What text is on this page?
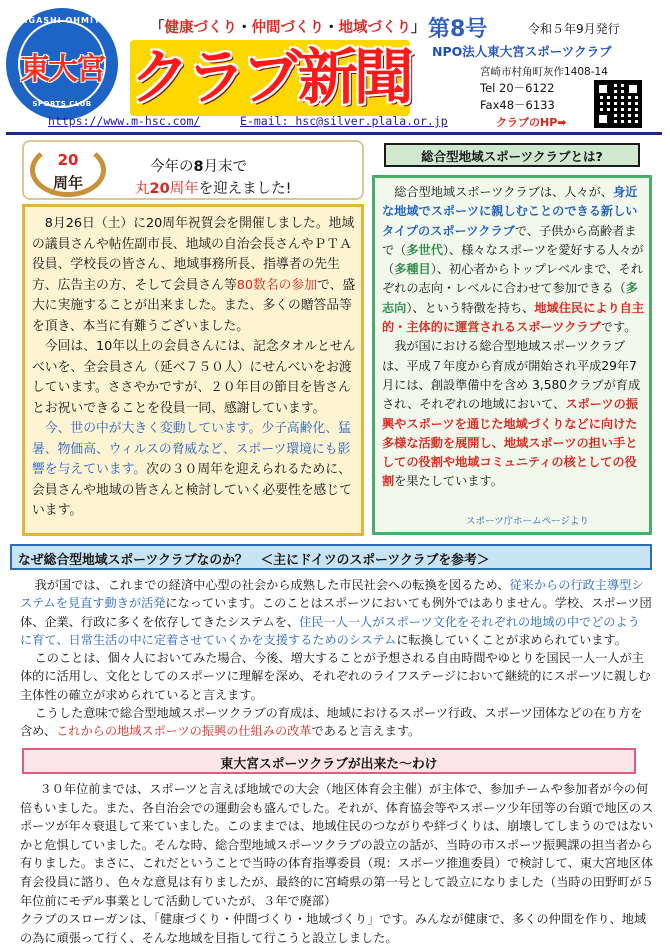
HIGASHI OHMIYA
東大宮
SPORTS CLUB
「健康づくり・仲間づくり・地域づくり」
クラブ新聞
第8号	令和５年9月発行
NPO法人東大宮スポーツクラブ
宮崎市村角町灰作1408-14
Tel 20－6122
Fax48－6133
クラブのHP➡
https://www.m-hsc.com/	E-mail: hsc@silver.plala.or.jp
20
周年
今年の8月末で
丸20周年を迎えました!

8月26日（土）に20周年祝賀会を開催しました。地域の議員さんや帖佐副市長、地域の自治会長さんやＰＴＡ役員、学校長の皆さん、地域事務所長、指導者の先生方、広告主の方、そして会員さん等80数名の参加で、盛大に実施することが出来ました。また、多くの贈答品等を頂き、本当に有難うございました。

今回は、10年以上の会員さんには、記念タオルとせんべいを、全会員さん（延べ７５０人）にせんべいをお渡しています。ささやかですが、２０年目の節目を皆さんとお祝いできることを役員一同、感謝しています。

今、世の中が大きく変動しています。少子高齢化、猛暑、物価高、ウィルスの脅威など、スポーツ環境にも影響を与えています。次の３０周年を迎えられるために、会員さんや地域の皆さんと検討していく必要性を感じています。

総合型地域スポーツクラブとは?

総合型地域スポーツクラブは、人々が、身近な地域でスポーツに親しむことのできる新しいタイプのスポーツクラブで、子供から高齢者まで（多世代）、様々なスポーツを愛好する人々が（多種目）、初心者からトップレベルまで、それぞれの志向・レベルに合わせて参加できる（多志向）、という特徴を持ち、地域住民により自主的・主体的に運営されるスポーツクラブです。

我が国における総合型地域スポーツクラブは、平成７年度から育成が開始され平成29年7月には、創設準備中を含め 3,580クラブが育成され、それぞれの地域において、スポーツの振興やスポーツを通じた地域づくりなどに向けた多様な活動を展開し、地域スポーツの担い手としての役割や地域コミュニティの核としての役割を果たしています。

スポーツ庁ホームページより
なぜ総合型地域スポーツクラブなのか？　＜主にドイツのスポーツクラブを参考＞

我が国では、これまでの経済中心型の社会から成熟した市民社会への転換を図るため、従来からの行政主導型システムを見直す動きが活発になっています。このことはスポーツにおいても例外ではありません。学校、スポーツ団体、企業、行政に多くを依存してきたシステムを、住民一人一人がスポーツ文化をそれぞれの地域の中でどのように育て、日常生活の中に定着させていくかを支援するためのシステムに転換していくことが求められています。

このことは、個々人においてみた場合、今後、増大することが予想される自由時間やゆとりを国民一人一人が主体的に活用し、文化としてのスポーツに理解を深め、それぞれのライフステージにおいて継続的にスポーツに親しむ主体性の確立が求められていると言えます。

こうした意味で総合型地域スポーツクラブの育成は、地域におけるスポーツ行政、スポーツ団体などの在り方を含め、これからの地域スポーツの振興の仕組みの改革であると言えます。

東大宮スポーツクラブが出来た～わけ

３０年位前までは、スポーツと言えば地域での大会（地区体育会主催）が主体で、参加チームや参加者が今の何倍もいました。また、各自治会での運動会も盛んでした。それが、体育協会等やスポーツ少年団等の台頭で地区のスポーツが年々衰退して来ていました。このままでは、地域住民のつながりや絆づくりは、崩壊してしまうのではないかと危惧していました。そんな時、総合型地域スポーツクラブの設立の話が、当時の市スポーツ振興課の担当者から有りました。まさに、これだということで当時の体育指導委員（現：スポーツ推進委員）で検討して、東大宮地区体育会役員に諮り、色々な意見は有りましたが、最終的に宮崎県の第一号として設立になりました（当時の田野町が５年位前にモデル事業として活動していたが、３年で廃部）

クラブのスローガンは、「健康づくり・仲間づくり・地域づくり」です。みんなが健康で、多くの仲間を作り、地域の為に頑張って行く、そんな地域を目指して行こうと設立しました。
